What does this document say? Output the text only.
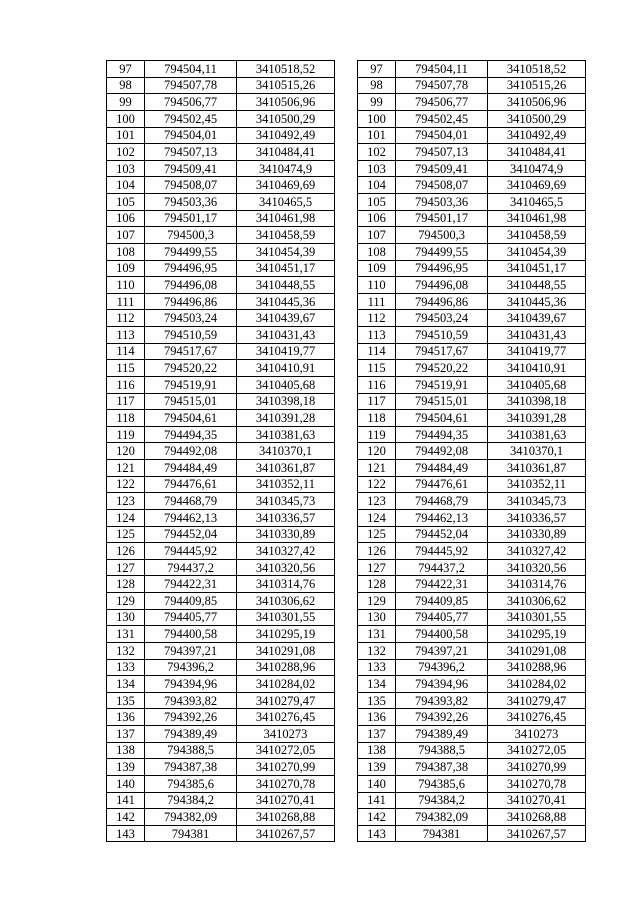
97	794504,11	3410518,52
98	794507,78	3410515,26
99	794506,77	3410506,96
100	794502,45	3410500,29
101	794504,01	3410492,49
102	794507,13	3410484,41
103	794509,41	3410474,9
104	794508,07	3410469,69
105	794503,36	3410465,5
106	794501,17	3410461,98
107	794500,3	3410458,59
108	794499,55	3410454,39
109	794496,95	3410451,17
110	794496,08	3410448,55
111	794496,86	3410445,36
112	794503,24	3410439,67
113	794510,59	3410431,43
114	794517,67	3410419,77
115	794520,22	3410410,91
116	794519,91	3410405,68
117	794515,01	3410398,18
118	794504,61	3410391,28
119	794494,35	3410381,63
120	794492,08	3410370,1
121	794484,49	3410361,87
122	794476,61	3410352,11
123	794468,79	3410345,73
124	794462,13	3410336,57
125	794452,04	3410330,89
126	794445,92	3410327,42
127	794437,2	3410320,56
128	794422,31	3410314,76
129	794409,85	3410306,62
130	794405,77	3410301,55
131	794400,58	3410295,19
132	794397,21	3410291,08
133	794396,2	3410288,96
134	794394,96	3410284,02
135	794393,82	3410279,47
136	794392,26	3410276,45
137	794389,49	3410273
138	794388,5	3410272,05
139	794387,38	3410270,99
140	794385,6	3410270,78
141	794384,2	3410270,41
142	794382,09	3410268,88
143	794381	3410267,57
97	794504,11	3410518,52
98	794507,78	3410515,26
99	794506,77	3410506,96
100	794502,45	3410500,29
101	794504,01	3410492,49
102	794507,13	3410484,41
103	794509,41	3410474,9
104	794508,07	3410469,69
105	794503,36	3410465,5
106	794501,17	3410461,98
107	794500,3	3410458,59
108	794499,55	3410454,39
109	794496,95	3410451,17
110	794496,08	3410448,55
111	794496,86	3410445,36
112	794503,24	3410439,67
113	794510,59	3410431,43
114	794517,67	3410419,77
115	794520,22	3410410,91
116	794519,91	3410405,68
117	794515,01	3410398,18
118	794504,61	3410391,28
119	794494,35	3410381,63
120	794492,08	3410370,1
121	794484,49	3410361,87
122	794476,61	3410352,11
123	794468,79	3410345,73
124	794462,13	3410336,57
125	794452,04	3410330,89
126	794445,92	3410327,42
127	794437,2	3410320,56
128	794422,31	3410314,76
129	794409,85	3410306,62
130	794405,77	3410301,55
131	794400,58	3410295,19
132	794397,21	3410291,08
133	794396,2	3410288,96
134	794394,96	3410284,02
135	794393,82	3410279,47
136	794392,26	3410276,45
137	794389,49	3410273
138	794388,5	3410272,05
139	794387,38	3410270,99
140	794385,6	3410270,78
141	794384,2	3410270,41
142	794382,09	3410268,88
143	794381	3410267,57
